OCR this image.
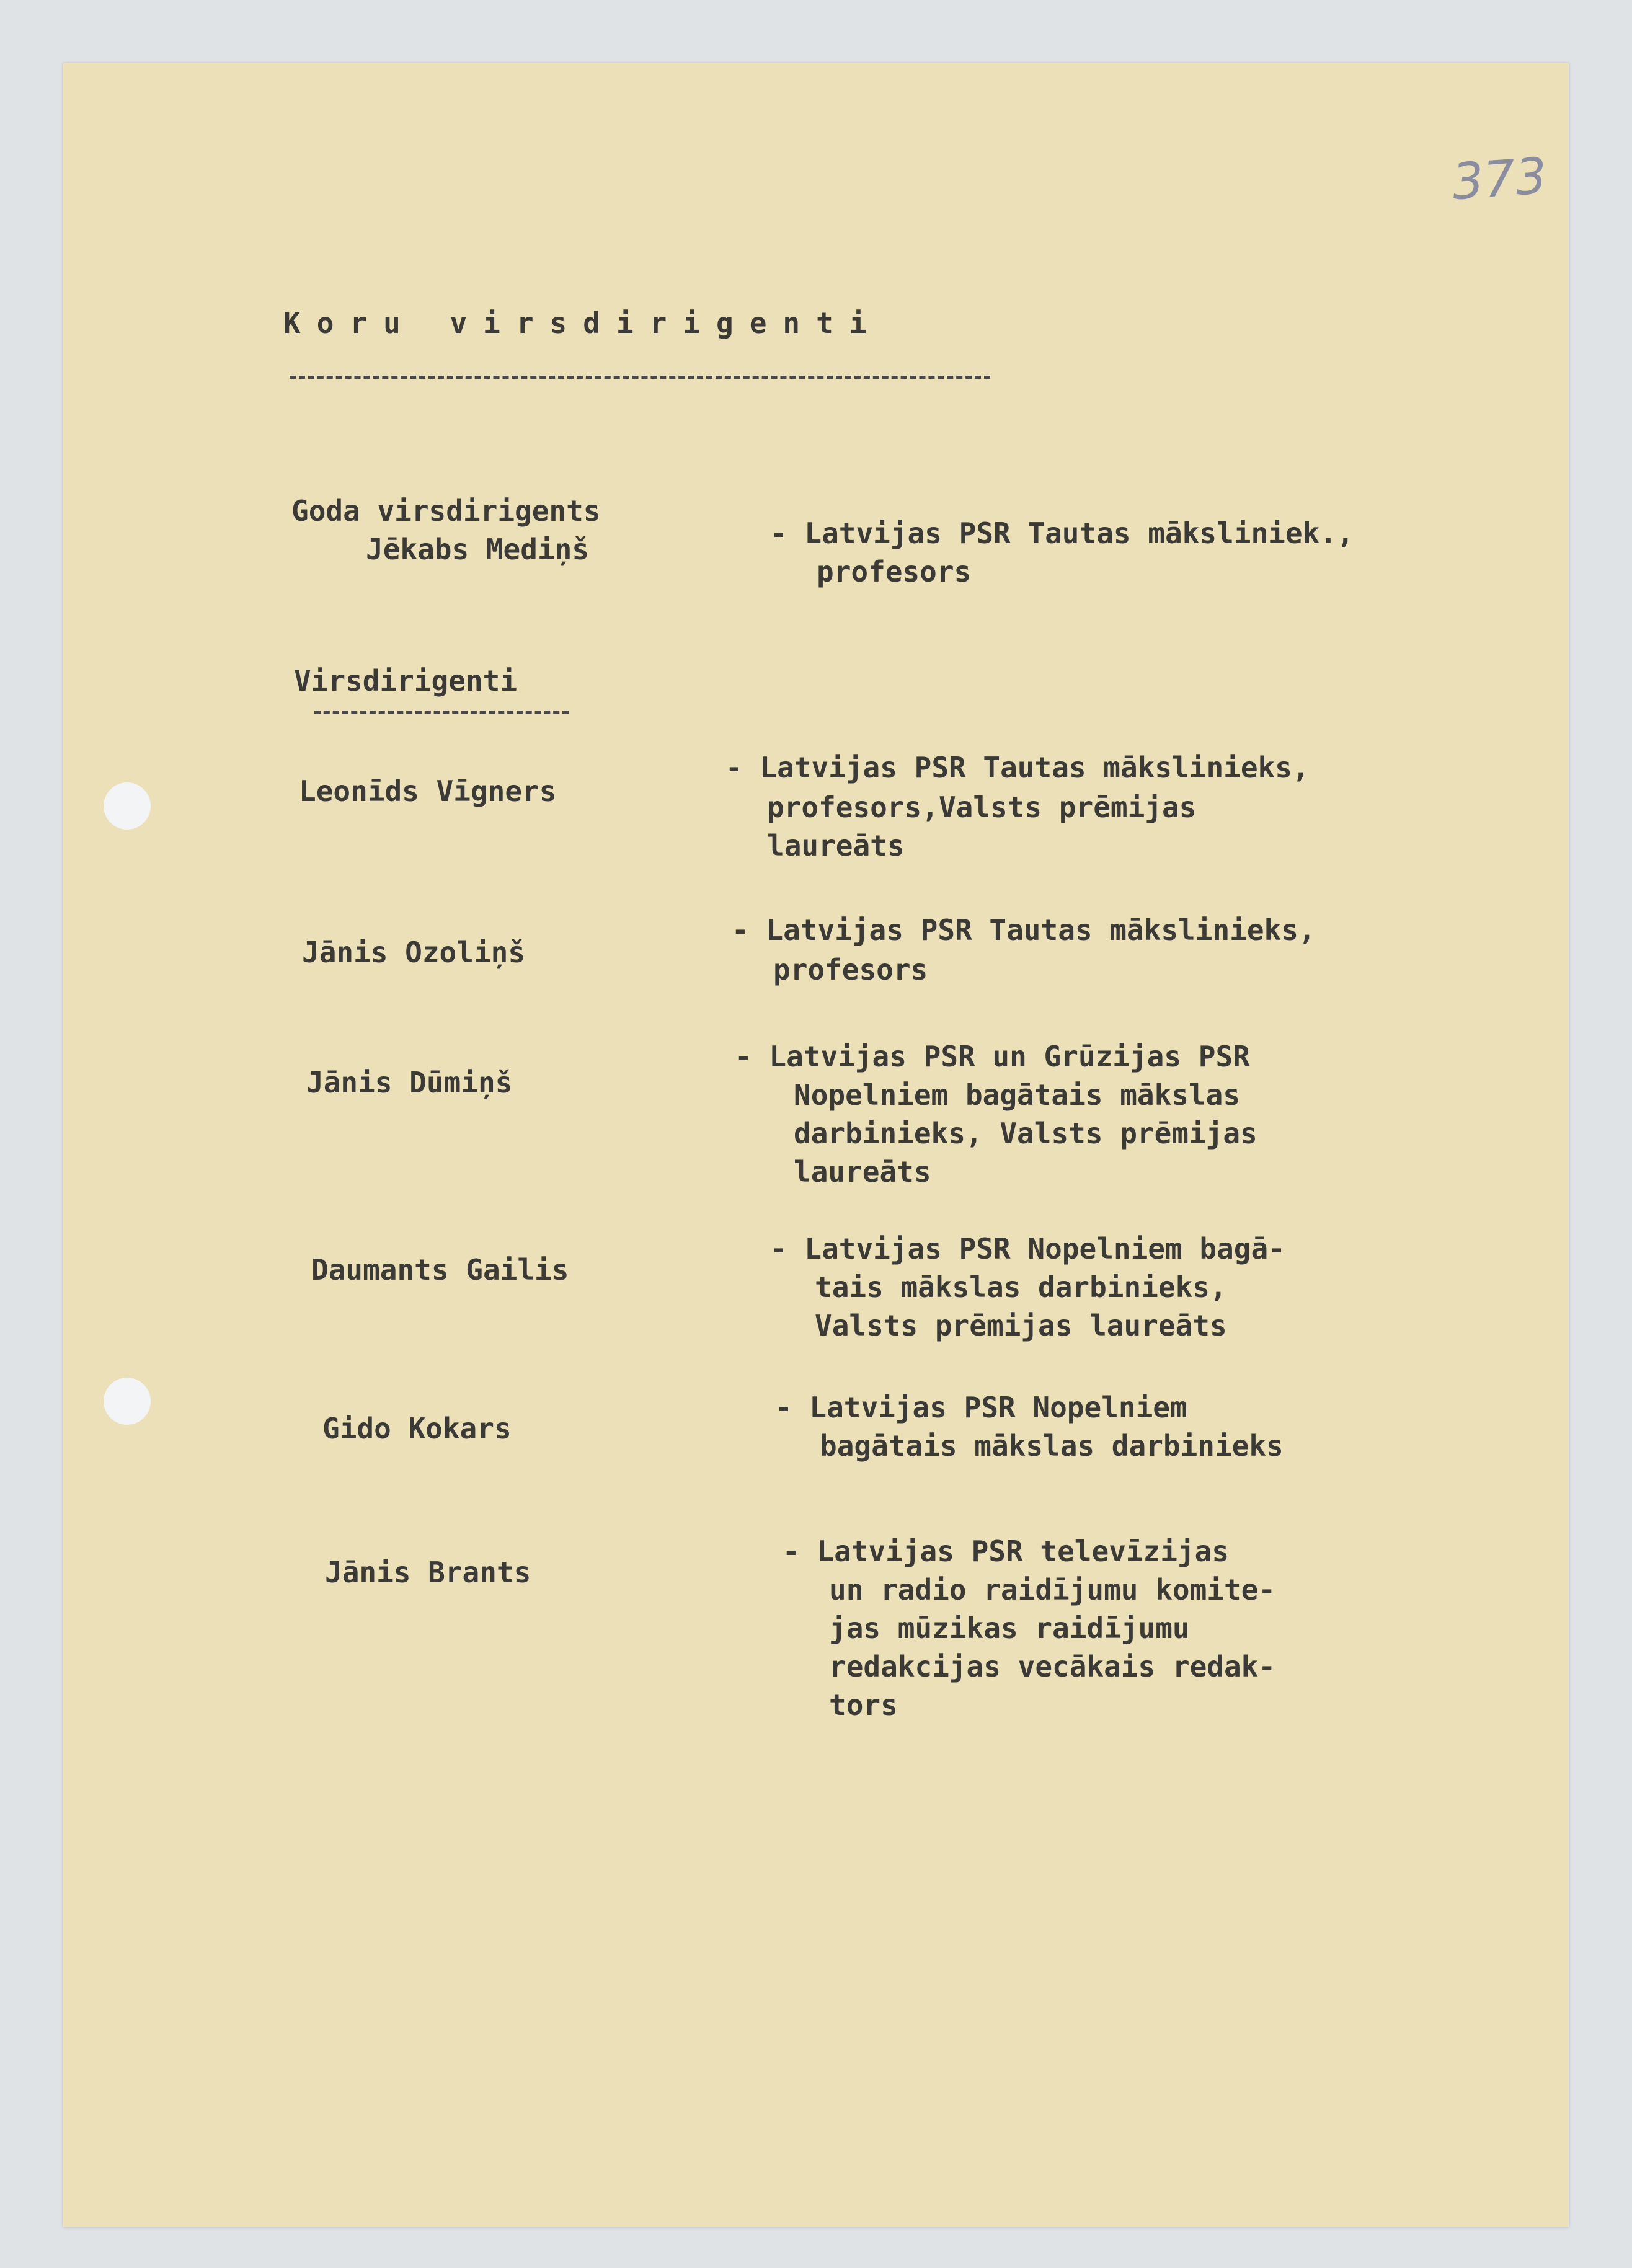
373
Koru virsdirigenti
Goda virsdirigents
Jēkabs Mediņš	- Latvijas PSR Tautas māksliniek.,
profesors
Virsdirigenti
Leonīds Vīgners
- Latvijas PSR Tautas mākslinieks,
profesors,Valsts prēmijas
laureāts
Jānis Ozoliņš
- Latvijas PSR Tautas mākslinieks,
profesors
Jānis Dūmiņš
- Latvijas PSR un Grūzijas PSR
Nopelniem bagātais mākslas
darbinieks, Valsts prēmijas
laureāts
Daumants Gailis
- Latvijas PSR Nopelniem bagā-
tais mākslas darbinieks,
Valsts prēmijas laureāts
Gido Kokars
- Latvijas PSR Nopelniem
bagātais mākslas darbinieks
Jānis Brants
- Latvijas PSR televīzijas
un radio raidījumu komite-
jas mūzikas raidījumu
redakcijas vecākais redak-
tors
